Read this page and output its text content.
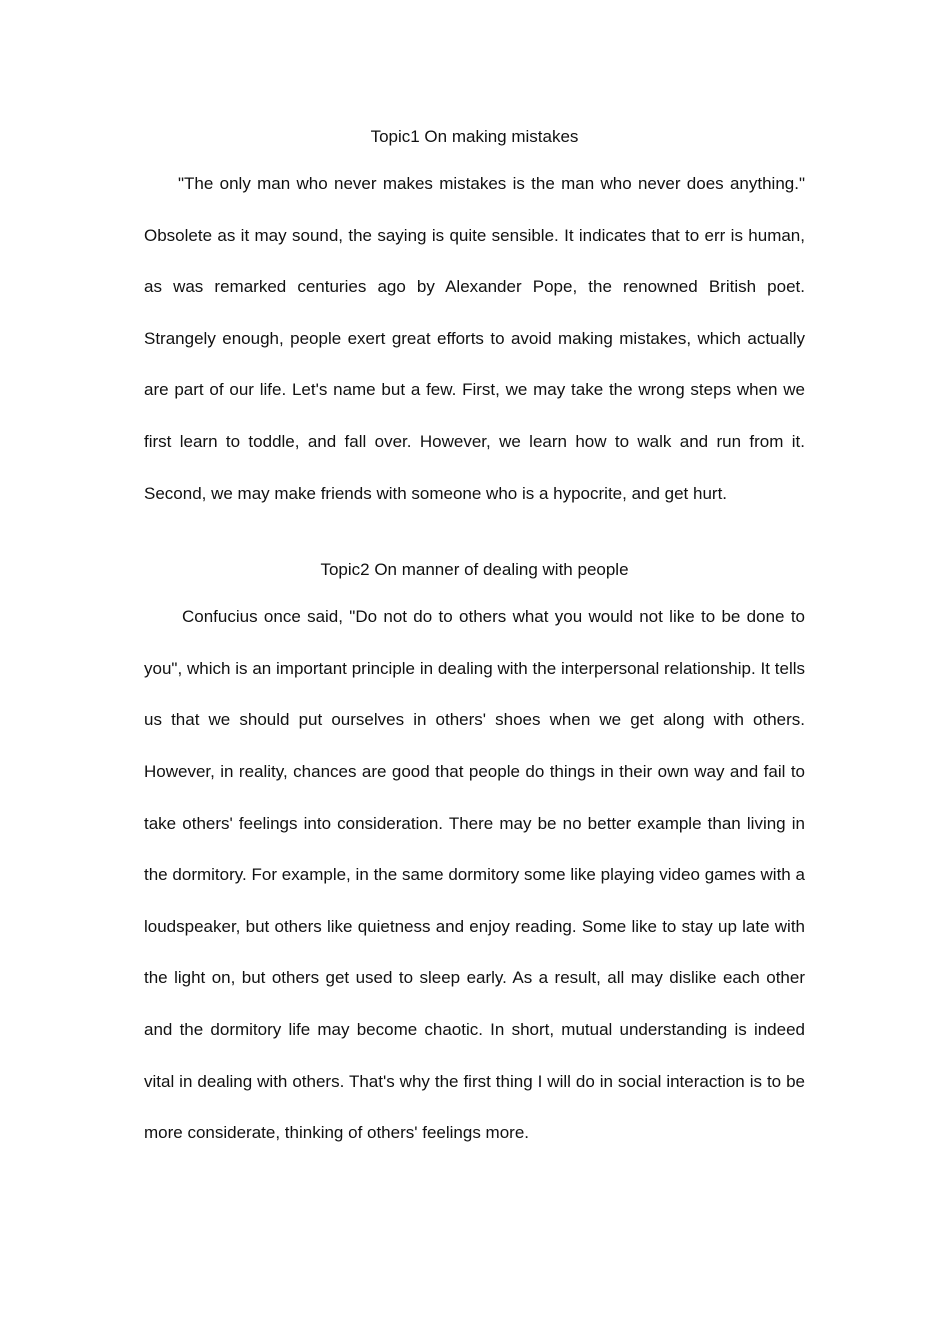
Topic1 On making mistakes

"The only man who never makes mistakes is the man who never does anything." Obsolete as it may sound, the saying is quite sensible. It indicates that to err is human, as was remarked centuries ago by Alexander Pope, the renowned British poet. Strangely enough, people exert great efforts to avoid making mistakes, which actually are part of our life. Let's name but a few. First, we may take the wrong steps when we first learn to toddle, and fall over. However, we learn how to walk and run from it. Second, we may make friends with someone who is a hypocrite, and get hurt.

Topic2 On manner of dealing with people

Confucius once said, "Do not do to others what you would not like to be done to you", which is an important principle in dealing with the interpersonal relationship. It tells us that we should put ourselves in others' shoes when we get along with others. However, in reality, chances are good that people do things in their own way and fail to take others' feelings into consideration. There may be no better example than living in the dormitory. For example, in the same dormitory some like playing video games with a loudspeaker, but others like quietness and enjoy reading. Some like to stay up late with the light on, but others get used to sleep early. As a result, all may dislike each other and the dormitory life may become chaotic. In short, mutual understanding is indeed vital in dealing with others. That's why the first thing I will do in social interaction is to be more considerate, thinking of others' feelings more.
